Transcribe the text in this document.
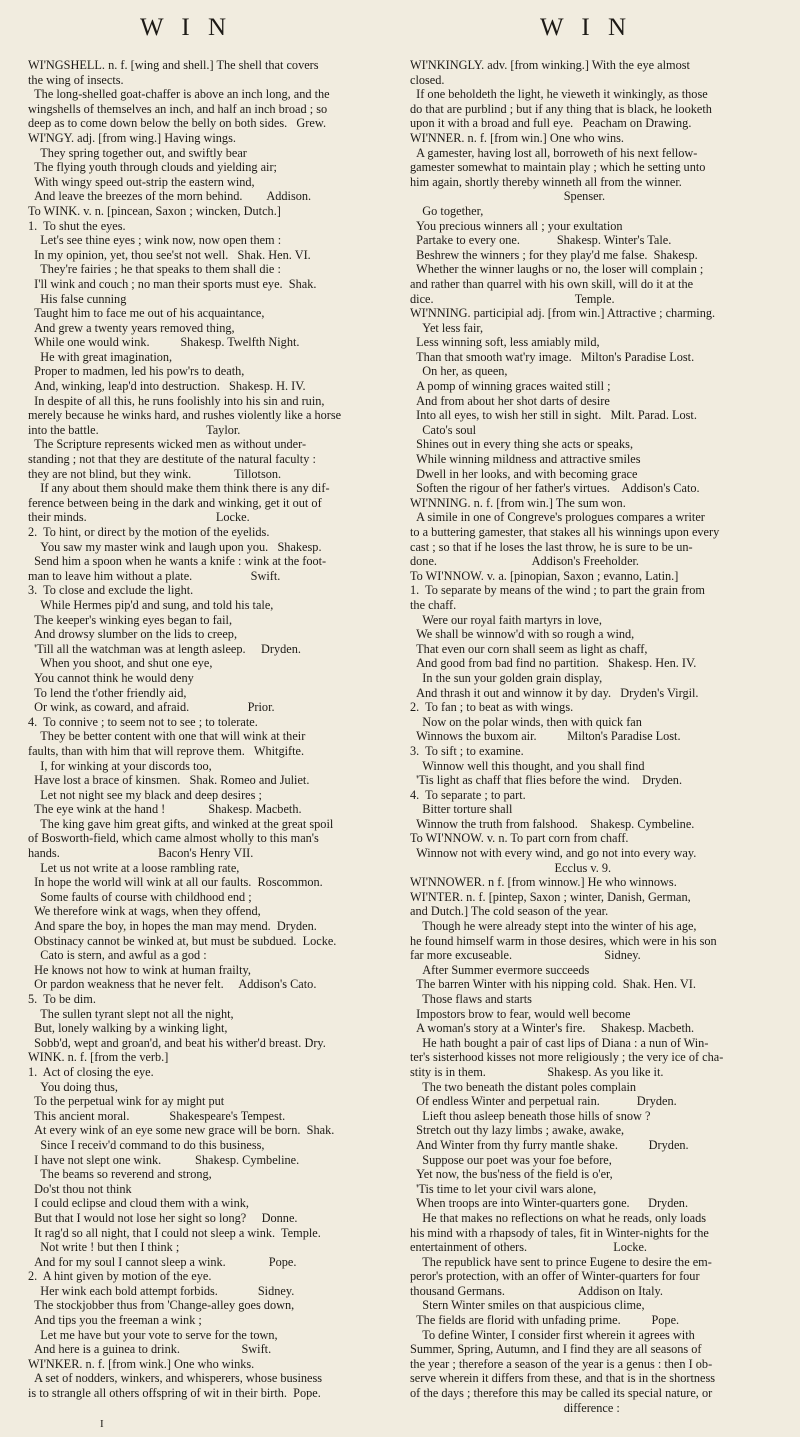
W I N	W I N

WI'NGSHELL. n. f. [wing and shell.] The shell that covers

the wing of insects.

The long-shelled goat-chaffer is above an inch long, and the

wingshells of themselves an inch, and half an inch broad ; so

deep as to come down below the belly on both sides.   Grew.

WI'NGY. adj. [from wing.] Having wings.

They spring together out, and swiftly bear

The flying youth through clouds and yielding air;

With wingy speed out-strip the eastern wind,

And leave the breezes of the morn behind.        Addison.

To WINK. v. n. [pincean, Saxon ; wincken, Dutch.]

1.  To shut the eyes.

Let's see thine eyes ; wink now, now open them :

In my opinion, yet, thou see'st not well.   Shak. Hen. VI.

They're fairies ; he that speaks to them shall die :

I'll wink and couch ; no man their sports must eye.  Shak.

His false cunning

Taught him to face me out of his acquaintance,

And grew a twenty years removed thing,

While one would wink.          Shakesp. Twelfth Night.

He with great imagination,

Proper to madmen, led his pow'rs to death,

And, winking, leap'd into destruction.   Shakesp. H. IV.

In despite of all this, he runs foolishly into his sin and ruin,

merely because he winks hard, and rushes violently like a horse

into the battle.                                   Taylor.

The Scripture represents wicked men as without under-

standing ; not that they are destitute of the natural faculty :

they are not blind, but they wink.              Tillotson.

If any about them should make them think there is any dif-

ference between being in the dark and winking, get it out of

their minds.                                          Locke.

2.  To hint, or direct by the motion of the eyelids.

You saw my master wink and laugh upon you.   Shakesp.

Send him a spoon when he wants a knife : wink at the foot-

man to leave him without a plate.                   Swift.

3.  To close and exclude the light.

While Hermes pip'd and sung, and told his tale,

The keeper's winking eyes began to fail,

And drowsy slumber on the lids to creep,

'Till all the watchman was at length asleep.     Dryden.

When you shoot, and shut one eye,

You cannot think he would deny

To lend the t'other friendly aid,

Or wink, as coward, and afraid.                   Prior.

4.  To connive ; to seem not to see ; to tolerate.

They be better content with one that will wink at their

faults, than with him that will reprove them.   Whitgifte.

I, for winking at your discords too,

Have lost a brace of kinsmen.   Shak. Romeo and Juliet.

Let not night see my black and deep desires ;

The eye wink at the hand !              Shakesp. Macbeth.

The king gave him great gifts, and winked at the great spoil

of Bosworth-field, which came almost wholly to this man's

hands.                                Bacon's Henry VII.

Let us not write at a loose rambling rate,

In hope the world will wink at all our faults.  Roscommon.

Some faults of course with childhood end ;

We therefore wink at wags, when they offend,

And spare the boy, in hopes the man may mend.  Dryden.

Obstinacy cannot be winked at, but must be subdued.  Locke.

Cato is stern, and awful as a god :

He knows not how to wink at human frailty,

Or pardon weakness that he never felt.     Addison's Cato.

5.  To be dim.

The sullen tyrant slept not all the night,

But, lonely walking by a winking light,

Sobb'd, wept and groan'd, and beat his wither'd breast. Dry.

WINK. n. f. [from the verb.]

1.  Act of closing the eye.

You doing thus,

To the perpetual wink for ay might put

This ancient moral.             Shakespeare's Tempest.

At every wink of an eye some new grace will be born.  Shak.

Since I receiv'd command to do this business,

I have not slept one wink.           Shakesp. Cymbeline.

The beams so reverend and strong,

Do'st thou not think

I could eclipse and cloud them with a wink,

But that I would not lose her sight so long?     Donne.

It rag'd so all night, that I could not sleep a wink.  Temple.

Not write ! but then I think ;

And for my soul I cannot sleep a wink.              Pope.

2.  A hint given by motion of the eye.

Her wink each bold attempt forbids.             Sidney.

The stockjobber thus from 'Change-alley goes down,

And tips you the freeman a wink ;

Let me have but your vote to serve for the town,

And here is a guinea to drink.                    Swift.

WI'NKER. n. f. [from wink.] One who winks.

A set of nodders, winkers, and whisperers, whose business

is to strangle all others offspring of wit in their birth.  Pope.

WI'NKINGLY. adv. [from winking.] With the eye almost

closed.

If one beholdeth the light, he vieweth it winkingly, as those

do that are purblind ; but if any thing that is black, he looketh

upon it with a broad and full eye.   Peacham on Drawing.

WI'NNER. n. f. [from win.] One who wins.

A gamester, having lost all, borroweth of his next fellow-

gamester somewhat to maintain play ; which he setting unto

him again, shortly thereby winneth all from the winner.

Spenser.

Go together,

You precious winners all ; your exultation

Partake to every one.            Shakesp. Winter's Tale.

Beshrew the winners ; for they play'd me false.  Shakesp.

Whether the winner laughs or no, the loser will complain ;

and rather than quarrel with his own skill, will do it at the

dice.                                              Temple.

WI'NNING. participial adj. [from win.] Attractive ; charming.

Yet less fair,

Less winning soft, less amiably mild,

Than that smooth wat'ry image.   Milton's Paradise Lost.

On her, as queen,

A pomp of winning graces waited still ;

And from about her shot darts of desire

Into all eyes, to wish her still in sight.   Milt. Parad. Lost.

Cato's soul

Shines out in every thing she acts or speaks,

While winning mildness and attractive smiles

Dwell in her looks, and with becoming grace

Soften the rigour of her father's virtues.    Addison's Cato.

WI'NNING. n. f. [from win.] The sum won.

A simile in one of Congreve's prologues compares a writer

to a buttering gamester, that stakes all his winnings upon every

cast ; so that if he loses the last throw, he is sure to be un-

done.                               Addison's Freeholder.

To WI'NNOW. v. a. [pinopian, Saxon ; evanno, Latin.]

1.  To separate by means of the wind ; to part the grain from

the chaff.

Were our royal faith martyrs in love,

We shall be winnow'd with so rough a wind,

That even our corn shall seem as light as chaff,

And good from bad find no partition.   Shakesp. Hen. IV.

In the sun your golden grain display,

And thrash it out and winnow it by day.   Dryden's Virgil.

2.  To fan ; to beat as with wings.

Now on the polar winds, then with quick fan

Winnows the buxom air.          Milton's Paradise Lost.

3.  To sift ; to examine.

Winnow well this thought, and you shall find

'Tis light as chaff that flies before the wind.    Dryden.

4.  To separate ; to part.

Bitter torture shall

Winnow the truth from falshood.    Shakesp. Cymbeline.

To WI'NNOW. v. n. To part corn from chaff.

Winnow not with every wind, and go not into every way.

Ecclus v. 9.

WI'NNOWER. n f. [from winnow.] He who winnows.

WI'NTER. n. f. [pinteр, Saxon ; winter, Danish, German,

and Dutch.] The cold season of the year.

Though he were already stept into the winter of his age,

he found himself warm in those desires, which were in his son

far more excuseable.                              Sidney.

After Summer evermore succeeds

The barren Winter with his nipping cold.  Shak. Hen. VI.

Those flaws and starts

Impostors brow to fear, would well become

A woman's story at a Winter's fire.     Shakesp. Macbeth.

He hath bought a pair of cast lips of Diana : a nun of Win-

ter's sisterhood kisses not more religiously ; the very ice of cha-

stity is in them.                    Shakesp. As you like it.

The two beneath the distant poles complain

Of endless Winter and perpetual rain.            Dryden.

Lieft thou asleep beneath those hills of snow ?

Stretch out thy lazy limbs ; awake, awake,

And Winter from thy furry mantle shake.          Dryden.

Suppose our poet was your foe before,

Yet now, the bus'ness of the field is o'er,

'Tis time to let your civil wars alone,

When troops are into Winter-quarters gone.      Dryden.

He that makes no reflections on what he reads, only loads

his mind with a rhapsody of tales, fit in Winter-nights for the

entertainment of others.                            Locke.

The republick have sent to prince Eugene to desire the em-

peror's protection, with an offer of Winter-quarters for four

thousand Germans.                        Addison on Italy.

Stern Winter smiles on that auspicious clime,

The fields are florid with unfading prime.          Pope.

To define Winter, I consider first wherein it agrees with

Summer, Spring, Autumn, and I find they are all seasons of

the year ; therefore a season of the year is a genus : then I ob-

serve wherein it differs from these, and that is in the shortness

of the days ; therefore this may be called its special nature, or

difference :

I
